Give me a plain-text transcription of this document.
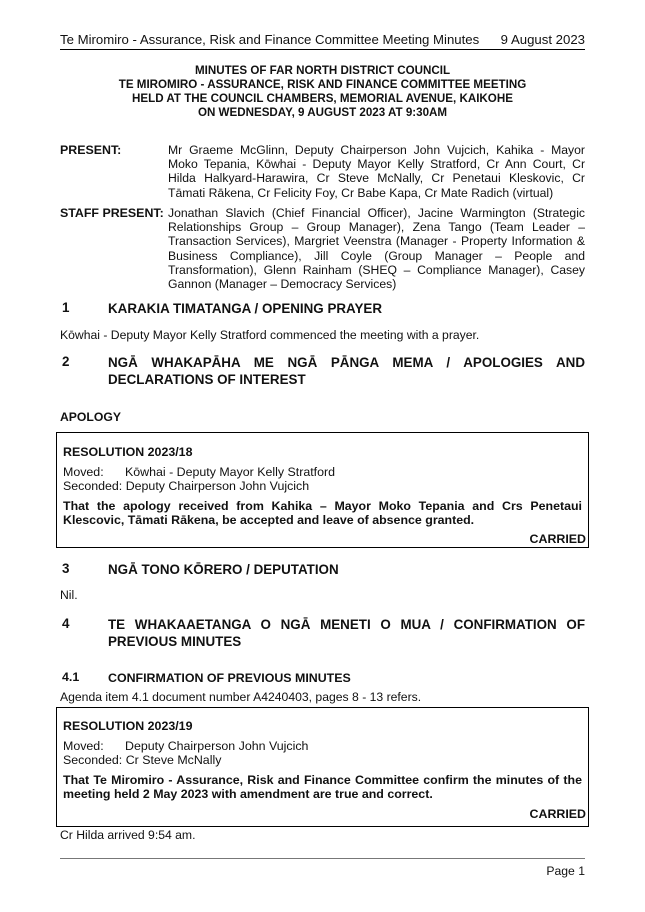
Te Miromiro - Assurance, Risk and Finance Committee Meeting Minutes 9 August 2023
MINUTES OF FAR NORTH DISTRICT COUNCIL
TE MIROMIRO - ASSURANCE, RISK AND FINANCE COMMITTEE MEETING
HELD AT THE COUNCIL CHAMBERS, MEMORIAL AVENUE, KAIKOHE
ON WEDNESDAY, 9 AUGUST 2023 AT 9:30AM
PRESENT:	Mr Graeme McGlinn, Deputy Chairperson John Vujcich, Kahika - Mayor Moko Tepania, Kōwhai - Deputy Mayor Kelly Stratford, Cr Ann Court, Cr Hilda Halkyard-Harawira, Cr Steve McNally, Cr Penetaui Kleskovic, Cr Tāmati Rākena, Cr Felicity Foy, Cr Babe Kapa, Cr Mate Radich (virtual)
STAFF PRESENT: Jonathan Slavich (Chief Financial Officer), Jacine Warmington (Strategic Relationships Group – Group Manager), Zena Tango (Team Leader – Transaction Services), Margriet Veenstra (Manager - Property Information & Business Compliance), Jill Coyle (Group Manager – People and Transformation), Glenn Rainham (SHEQ – Compliance Manager), Casey Gannon (Manager – Democracy Services)
1	KARAKIA TIMATANGA / OPENING PRAYER
Kōwhai - Deputy Mayor Kelly Stratford commenced the meeting with a prayer.
2	NGĀ WHAKAPĀHA ME NGĀ PĀNGA MEMA / APOLOGIES AND DECLARATIONS OF INTEREST
APOLOGY
RESOLUTION 2023/18
Moved:	Kōwhai - Deputy Mayor Kelly Stratford
Seconded: Deputy Chairperson John Vujcich
That the apology received from Kahika – Mayor Moko Tepania and Crs Penetaui Klescovic, Tāmati Rākena, be accepted and leave of absence granted.
CARRIED
3	NGĀ TONO KŌRERO / DEPUTATION
Nil.
4	TE WHAKAAETANGA O NGĀ MENETI O MUA / CONFIRMATION OF PREVIOUS MINUTES
4.1 CONFIRMATION OF PREVIOUS MINUTES
Agenda item 4.1 document number A4240403, pages 8 - 13 refers.
RESOLUTION 2023/19
Moved:	Deputy Chairperson John Vujcich
Seconded: Cr Steve McNally
That Te Miromiro - Assurance, Risk and Finance Committee confirm the minutes of the meeting held 2 May 2023 with amendment are true and correct.
CARRIED
Cr Hilda arrived 9:54 am.
Page 1
